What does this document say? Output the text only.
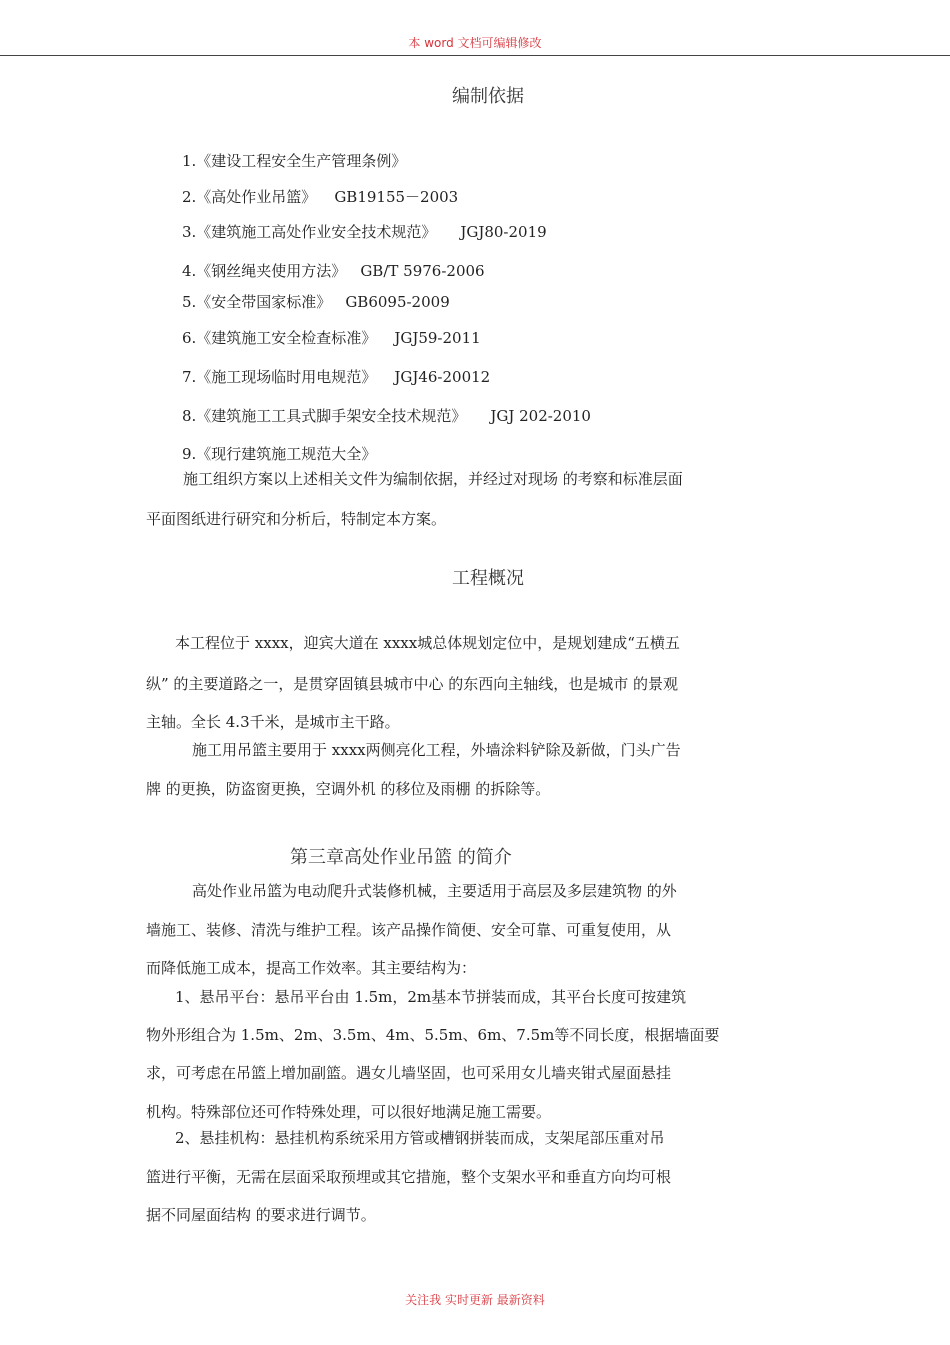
本 word 文档可编辑修改
编制依据
1.《建设工程安全生产管理条例》
2.《高处作业吊篮》 GB19155－2003
3.《建筑施工高处作业安全技术规范》 JGJ80-2019
4.《钢丝绳夹使用方法》 GB/T 5976-2006
5.《安全带国家标准》 GB6095-2009
6.《建筑施工安全检查标准》 JGJ59-2011
7.《施工现场临时用电规范》 JGJ46-20012
8.《建筑施工工具式脚手架安全技术规范》 JGJ 202-2010
9.《现行建筑施工规范大全》
施工组织方案以上述相关文件为编制依据，并经过对现场 的考察和标准层面
平面图纸进行研究和分析后，特制定本方案。
工程概况
本工程位于 xxxx，迎宾大道在 xxxx城总体规划定位中，是规划建成“五横五
纵” 的主要道路之一，是贯穿固镇县城市中心 的东西向主轴线，也是城市 的景观
主轴。全长 4.3千米，是城市主干路。
施工用吊篮主要用于 xxxx两侧亮化工程，外墙涂料铲除及新做，门头广告
牌 的更换，防盗窗更换，空调外机 的移位及雨棚 的拆除等。
第三章高处作业吊篮 的简介
高处作业吊篮为电动爬升式装修机械，主要适用于高层及多层建筑物 的外
墙施工、装修、清洗与维护工程。该产品操作简便、安全可靠、可重复使用，从
而降低施工成本，提高工作效率。其主要结构为：
1、悬吊平台：悬吊平台由 1.5m，2m基本节拼装而成，其平台长度可按建筑
物外形组合为 1.5m、2m、3.5m、4m、5.5m、6m、7.5m等不同长度，根据墙面要
求，可考虑在吊篮上增加副篮。遇女儿墙坚固，也可采用女儿墙夹钳式屋面悬挂
机构。特殊部位还可作特殊处理，可以很好地满足施工需要。
2、悬挂机构：悬挂机构系统采用方管或槽钢拼装而成，支架尾部压重对吊
篮进行平衡，无需在层面采取预埋或其它措施，整个支架水平和垂直方向均可根
据不同屋面结构 的要求进行调节。
关注我 实时更新 最新资料
